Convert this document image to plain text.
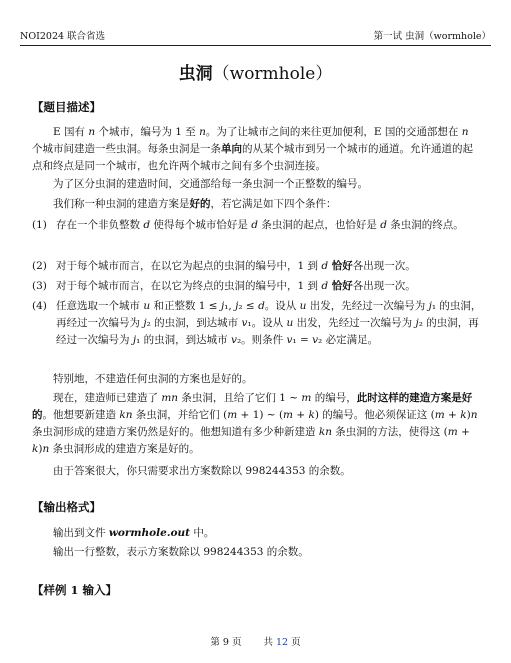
NOI2024 联合省选	第一试 虫洞（wormhole）
虫洞（wormhole）
【题目描述】
E 国有 n 个城市，编号为 1 至 n。为了让城市之间的来往更加便利，E 国的交通部想在 n 个城市间建造一些虫洞。每条虫洞是一条单向的从某个城市到另一个城市的通道。允许通道的起点和终点是同一个城市，也允许两个城市之间有多个虫洞连接。
为了区分虫洞的建造时间，交通部给每一条虫洞一个正整数的编号。
我们称一种虫洞的建造方案是好的，若它满足如下四个条件：
(1) 存在一个非负整数 d 使得每个城市恰好是 d 条虫洞的起点，也恰好是 d 条虫洞的终点。
(2) 对于每个城市而言，在以它为起点的虫洞的编号中，1 到 d 恰好各出现一次。
(3) 对于每个城市而言，在以它为终点的虫洞的编号中，1 到 d 恰好各出现一次。
(4) 任意选取一个城市 u 和正整数 1 ≤ j₁, j₂ ≤ d。设从 u 出发，先经过一次编号为 j₁ 的虫洞，再经过一次编号为 j₂ 的虫洞，到达城市 v₁。设从 u 出发，先经过一次编号为 j₂ 的虫洞，再经过一次编号为 j₁ 的虫洞，到达城市 v₂。则条件 v₁ = v₂ 必定满足。
特别地，不建造任何虫洞的方案也是好的。
现在，建造师已建造了 mn 条虫洞，且给了它们 1 ∼ m 的编号，此时这样的建造方案是好的。他想要新建造 kn 条虫洞，并给它们 (m + 1) ∼ (m + k) 的编号。他必须保证这 (m + k)n 条虫洞形成的建造方案仍然是好的。他想知道有多少种新建造 kn 条虫洞的方法，使得这 (m + k)n 条虫洞形成的建造方案是好的。
由于答案很大，你只需要求出方案数除以 998244353 的余数。
【输出格式】
输出到文件 wormhole.out 中。
输出一行整数，表示方案数除以 998244353 的余数。
【样例 1 输入】
第 9 页 共 12 页
